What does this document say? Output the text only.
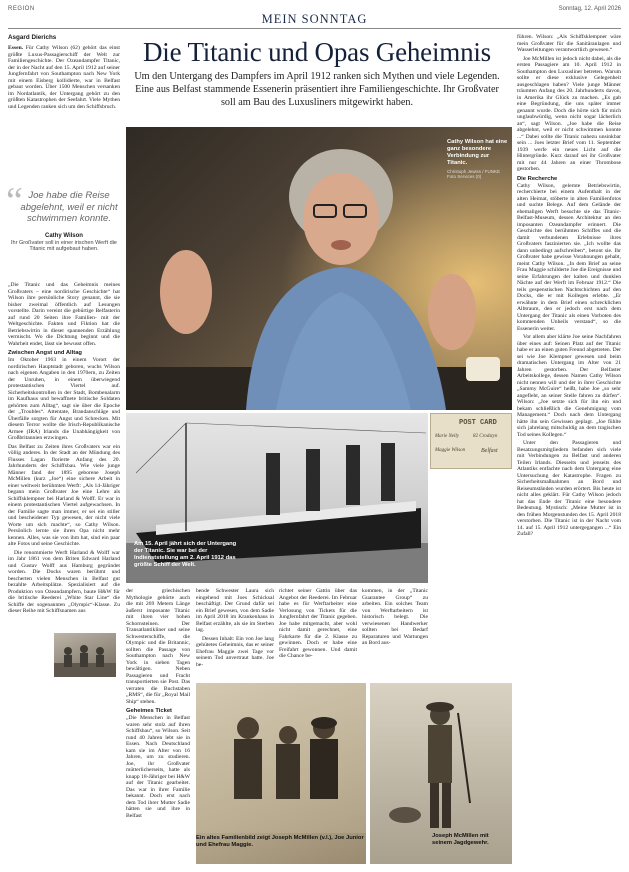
REGION
MEIN SONNTAG
Sonntag, 12. April 2026
Die Titanic und Opas Geheimnis
Um den Untergang des Dampfers im April 1912 ranken sich Mythen und viele Legenden. Eine aus Belfast stammende Essenerin präsentiert ihre Familiengeschichte. Ihr Großvater soll am Bau des Luxusliners mitgewirkt haben.
Asgard Dierichs

Essen. Für Cathy Wilson (62) gehört das einst größte Luxus-Passagierschiff der Welt zur Familiengeschichte. Der Ozeandampfer Titanic, der in der Nacht auf den 15. April 1912 auf seiner Jungfernfahrt von Southampton nach New York mit einem Eisberg kollidierte, war in Belfast gebaut worden. Über 1500 Menschen versanken im Nordatlantik, der Untergang gehört zu den größten Katastrophen der Seefahrt. Viele Mythen und Legenden ranken sich um den Schiffsbruch.

“ Joe habe die Reise abgelehnt, weil er nicht schwimmen konnte.
Cathy Wilson
Ihr Großvater soll in einer irischen Werft die Titanic mit aufgebaut haben.

„Die Titanic und das Geheimnis meines Großvaters – eine nordirische Geschichte“ hat Wilson ihre persönliche Story genannt, die sie bisher zweimal öffentlich auf Lesungen vorstellte. Darin vereint die gebürtige Belfasterin auf rund 20 Seiten ihre Familien- mit der Weltgeschichte. Fakten und Fiktion hat die Betriebswirtin in dieser spannenden Erzählung vermischt. Wo die Dichtung beginnt und die Wahrheit endet, lässt sie bewusst offen.

Zwischen Angst und Alltag

Im Oktober 1963 in einem Vorort der nordirischen Hauptstadt geboren, wuchs Wilson nach eigenen Angaben in den 1970ern, zu Zeiten der Unruhen, in einem überwiegend protestantischen Viertel auf. Sicherheitskontrollen in der Stadt, Bombenalarm im Kaufhaus und bewaffnete britische Soldaten gehörten zum Alltag“, sagt sie über die Epoche der „Troubles“. Attentate, Brandanschläge und Überfälle sorgten für Angst und Schrecken. Mit diesem Terror wollte die Irisch-Republikanische Armee (IRA) Irlands die Unabhängigkeit von Großbritannien erzwingen.

Das Belfast zu Zeiten ihres Großvaters war ein völlig anderes. In der Stadt an der Mündung des Flusses Lagan florierte Anfang des 20. Jahrhunderts der Schiffsbau. Wie viele junge Männer fand der 1895 geborene Joseph McMillen (kurz „Joe“) eine sichere Arbeit in einer weltweit berühmten Werft: „Als 14-Jähriger begann mein Großvater Joe eine Lehre als Schiffsklempner bei Harland & Wolff. Er war in einem protestantischen Viertel aufgewachsen. In der Familie sagte man immer, er sei ein stiller und bescheidener Typ gewesen, der nicht viele Worte um sich machte“, so Cathy Wilson. Persönlich lernte sie ihren Opa nicht mehr kennen. Alles, was sie von ihm hat, sind ein paar alte Fotos und seine Geschichte.

Die renommierte Werft Harland & Wolff war im Jahr 1861 von dem Briten Edward Harland und Gustav Wolff aus Hamburg gegründet worden. Die Docks waren berühmt und bescherten vielen Menschen in Belfast gut bezahlte Arbeitsplätze. Spezialisiert auf die Produktion von Ozeandampfern, baute H&W für die britische Reederei „White Star Line“ die Schiffe der sogenannten „Olympic“-Klasse. Zu dieser Reihe mit Schiffsnamen aus

Cathy Wilson hat eine ganz besondere Verbindung zur Titanic.
Christoph Jewiss / FUNKE Foto Services (0)
POST CARD
Marie Nelly	82 Crodstyn
Maggie Wilson	Belfast
Am 15. April jährt sich der Untergang der Titanic. Sie war bei der Indienststellung am 2. April 1912 das größte Schiff der Welt.

der griechischen Mythologie gehörte auch die mit 269 Metern Länge äußerst imposante Titanic mit ihren vier hohen Schornsteinen. Der Transatlantikliner und seine Schwesterschiffe, die Olympic und die Britannic, sollten die Passage von Southampton nach New York in sieben Tagen bewältigen. Neben Passagieren und Fracht transportierten sie Post. Das verraten die Buchstaben „RMS“, die für „Royal Mail Ship“ stehen.

Geheimes Ticket

„Die Menschen in Belfast waren sehr stolz auf ihren Schiffsbau“, so Wilson. Seit rund 40 Jahren lebt sie in Essen. Nach Deutschland kam sie im Alter von 16 Jahren, um zu studieren. Joe, ihr Großvater mütterlicherseits, hatte als knapp 18-Jähriger bei H&W auf der Titanic gearbeitet. Das war in ihrer Familie bekannt. Doch erst nach dem Tod ihrer Mutter Sadie hätten sie und ihre in Belfast

bende Schwester Laura sich eingehend mit Joes Schicksal beschäftigt. Der Grund dafür sei ein Brief gewesen, von dem Sadie im April 2018 im Krankenhaus in Belfast erzählte, als sie im Sterben lag.

Dessen Inhalt: Ein von Joe lang gehütetes Geheimnis, das er seiner Ehefrau Maggie zwei Tage vor seinem Tod anvertraut hatte. Joe be-

richtet seiner Gattin über das Angebot der Reederei. Im Februar habe es für Werftarbeiter eine Verlosung von Tickets für die Jungfernfahrt der Titanic gegeben. Joe habe mitgemacht, aber wohl nicht damit gerechnet, eine Fahrkarte für die 2. Klasse zu gewinnen. Doch er habe eine Freifahrt gewonnen. Und damit die Chance be-

kommen, in der „Titanic Guarantee Group“ zu arbeiten. Ein solches Team von Werftarbeitern ist historisch belegt. Die verwiesenen Handwerker sollten bei Bedarf Reparaturen und Wartungen an Bord aus-

Ein altes Familienbild zeigt Joseph McMillen (v.l.), Joe Junior und Ehefrau Maggie.
Joseph McMillen mit seinem Jagdgewehr.

führen. Wilson: „Als Schiffsklempner wäre mein Großvater für die Sanitäranlagen und Wasserleitungen verantwortlich gewesen.“

Joe McMillen ist jedoch nicht dabei, als die ersten Passagiere am 10. April 1912 in Southampton den Luxusliner betreten. Warum sollte er diese exklusive Gelegenheit ausgeschlagen haben? Viele junge Männer träumten Anfang des 20. Jahrhunderts davon, in Amerika ihr Glück zu machen. „Es gab eine Begründung, die uns später immer genannt wurde. Doch die hörte sich für mich unglaubwürdig, wenn nicht sogar lächerlich an“, sagt Wilson. „Joe habe die Reise abgelehnt, weil er nicht schwimmen konnte ...“ Dabei sollte die Titanic nahezu unsinkbar sein ... Joes letzter Brief vom 11. September 1939 werfe ein neues Licht auf die Hintergründe. Kurz darauf sei ihr Großvater mit nur 44 Jahren an einer Thrombose gestorben.

Die Recherche

Cathy Wilson, gelernte Betriebswirtin, recherchierte bei einem Aufenthalt in der alten Heimat, stöberte in alten Familienfotos und suchte Belege. Auf dem Gelände der ehemaligen Werft besuchte sie das Titanic-Belfast-Museum, dessen Architektur an den imposanten Ozeandampfer erinnert. Die Geschichte des berühmten Schiffes und die damit verbundenen Erlebnisse ihres Großvaters faszinierten sie. „Ich wollte das dann unbedingt aufschreiben“, betont sie. Ihr Großvater habe gewisse Vorahnungen gehabt, meint Cathy Wilson. „In dem Brief an seine Frau Maggie schilderte Joe die Ereignisse und seine Erfahrungen der kalten und dunklen Nächte auf der Werft im Februar 1912.“ Die teils gespenstischen Nachtschichten auf den Docks, die er mit Kollegen erlebte. „Er erwähnte in dem Brief einen schrecklichen Albtraum, den er jedoch erst nach dem Untergang der Titanic als einen Vorboten des kommenden Unheils verstand“, so die Essenerin weiter.

Vor allem aber klärte Joe seine Nachfahren über eines auf: Seinen Platz auf der Titanic habe er an einen guten Freund abgetreten. Der sei wie Joe Klempner gewesen und beim dramatischen Untergang im Alter von 21 Jahren gestorben. Der Belfaster Arbeitskollege, dessen Namen Cathy Wilson nicht nennen will und der in ihrer Geschichte „Sammy McGuire“ heißt, habe Joe „so sehr angefleht, an seiner Stelle fahren zu dürfen“. Wilson: „Joe setzte sich für ihn ein und bekam schließlich die Genehmigung vom Management.“ Doch nach dem Untergang hätte ihn sein Gewissen geplagt. „Joe fühlte sich jahrelang mitschuldig an dem tragischen Tod seines Kollegen.“

Unter den Passagieren und Besatzungsmitgliedern befanden sich viele mit Verbindungen zu Belfast und anderen Teilen Irlands. Diesseits und jenseits des Atlantiks entfachte nach dem Untergang eine Untersuchung der Katastrophe. Fragen zu Sicherheitsmaßnahmen an Bord und Reiseumständen wurden erörtert. Bis heute ist nicht alles geklärt. Für Cathy Wilson jedoch hat das Ende der Titanic eine besondere Bedeutung. Mystisch: „Meine Mutter ist in den frühen Morgenstunden des 15. April 2018 verstorben. Die Titanic ist in der Nacht vom 14. auf 15. April 1912 untergegangen ...“ Ein Zufall?
